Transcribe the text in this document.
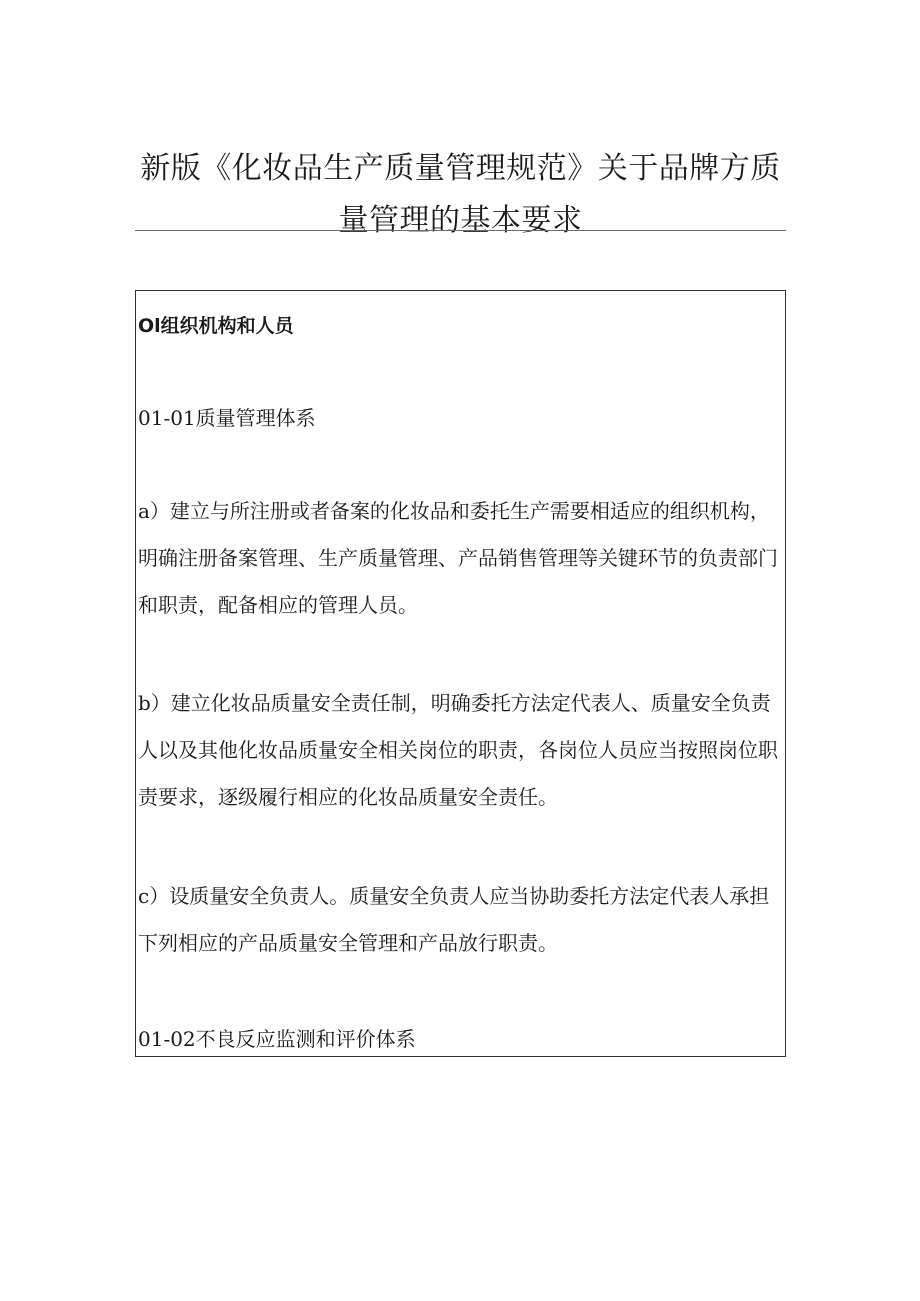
新版《化妆品生产质量管理规范》关于品牌方质量管理的基本要求

Ol组织机构和人员

01-01质量管理体系

a）建立与所注册或者备案的化妆品和委托生产需要相适应的组织机构，明确注册备案管理、生产质量管理、产品销售管理等关键环节的负责部门和职责，配备相应的管理人员。

b）建立化妆品质量安全责任制，明确委托方法定代表人、质量安全负责人以及其他化妆品质量安全相关岗位的职责，各岗位人员应当按照岗位职责要求，逐级履行相应的化妆品质量安全责任。

c）设质量安全负责人。质量安全负责人应当协助委托方法定代表人承担下列相应的产品质量安全管理和产品放行职责。

01-02不良反应监测和评价体系
